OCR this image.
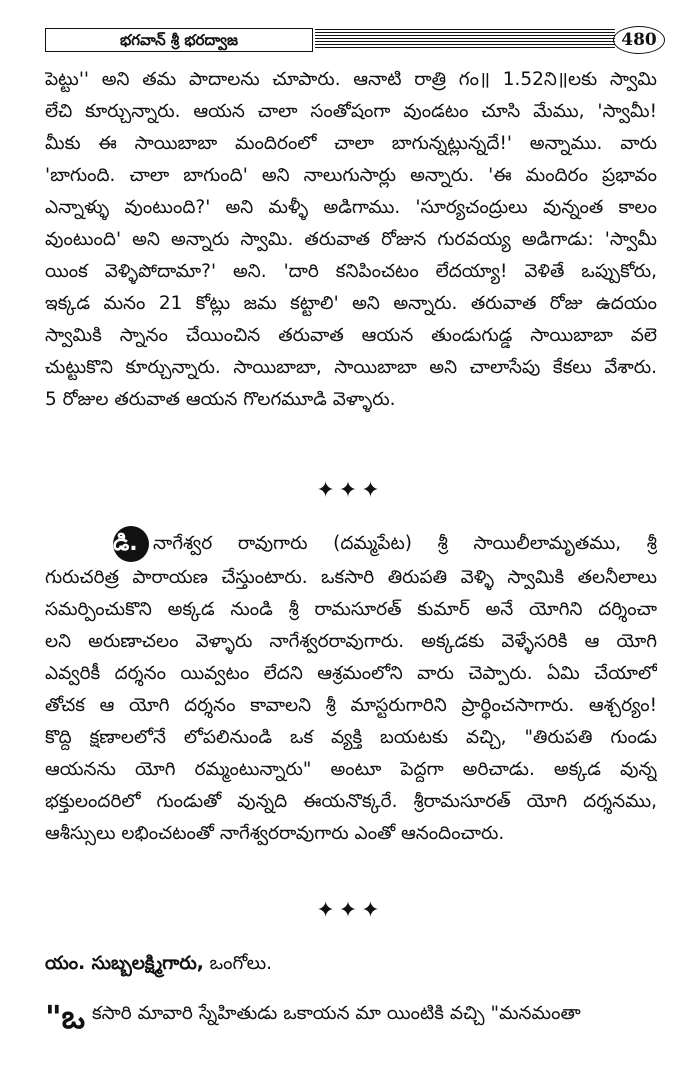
భగవాన్ శ్రీ భరద్వాజ	480
పెట్టు'' అని తమ పాదాలను చూపారు. ఆనాటి రాత్రి గం॥ 1.52ని॥లకు స్వామి
లేచి కూర్చున్నారు. ఆయన చాలా సంతోషంగా వుండటం చూసి మేము, 'స్వామీ!
మీకు ఈ సాయిబాబా మందిరంలో చాలా బాగున్నట్లున్నదే!' అన్నాము. వారు
'బాగుంది. చాలా బాగుంది' అని నాలుగుసార్లు అన్నారు. 'ఈ మందిరం ప్రభావం
ఎన్నాళ్ళు వుంటుంది?' అని మళ్ళీ అడిగాము. 'సూర్యచంద్రులు వున్నంత కాలం
వుంటుంది' అని అన్నారు స్వామి. తరువాత రోజున గురవయ్య అడిగాడు: 'స్వామీ
యింక వెళ్ళిపోదామా?' అని. 'దారి కనిపించటం లేదయ్యా! వెళితే ఒప్పుకోరు,
ఇక్కడ మనం 21 కోట్లు జమ కట్టాలి' అని అన్నారు. తరువాత రోజు ఉదయం
స్వామికి స్నానం చేయించిన తరువాత ఆయన తుండుగుడ్డ సాయిబాబా వలె
చుట్టుకొని కూర్చున్నారు. సాయిబాబా, సాయిబాబా అని చాలాసేపు కేకలు వేశారు.
5 రోజుల తరువాత ఆయన గొలగమూడి వెళ్ళారు.
✦✦✦
డి. నాగేశ్వర రావుగారు (దమ్మపేట) శ్రీ సాయిలీలామృతము, శ్రీ
గురుచరిత్ర పారాయణ చేస్తుంటారు. ఒకసారి తిరుపతి వెళ్ళి స్వామికి తలనీలాలు
సమర్పించుకొని అక్కడ నుండి శ్రీ రామసూరత్ కుమార్ అనే యోగిని దర్శించా
లని అరుణాచలం వెళ్ళారు నాగేశ్వరరావుగారు. అక్కడకు వెళ్ళేసరికి ఆ యోగి
ఎవ్వరికీ దర్శనం యివ్వటం లేదని ఆశ్రమంలోని వారు చెప్పారు. ఏమి చేయాలో
తోచక ఆ యోగి దర్శనం కావాలని శ్రీ మాస్టరుగారిని ప్రార్థించసాగారు. ఆశ్చర్యం!
కొద్ది క్షణాలలోనే లోపలినుండి ఒక వ్యక్తి బయటకు వచ్చి, "తిరుపతి గుండు
ఆయనను యోగి రమ్మంటున్నారు" అంటూ పెద్దగా అరిచాడు. అక్కడ వున్న
భక్తులందరిలో గుండుతో వున్నది ఈయనొక్కరే. శ్రీరామసూరత్ యోగి దర్శనము,
ఆశీస్సులు లభించటంతో నాగేశ్వరరావుగారు ఎంతో ఆనందించారు.
✦✦✦
యం. సుబ్బలక్ష్మిగారు, ఒంగోలు.
"ఒ కసారి మావారి స్నేహితుడు ఒకాయన మా యింటికి వచ్చి "మనమంతా
